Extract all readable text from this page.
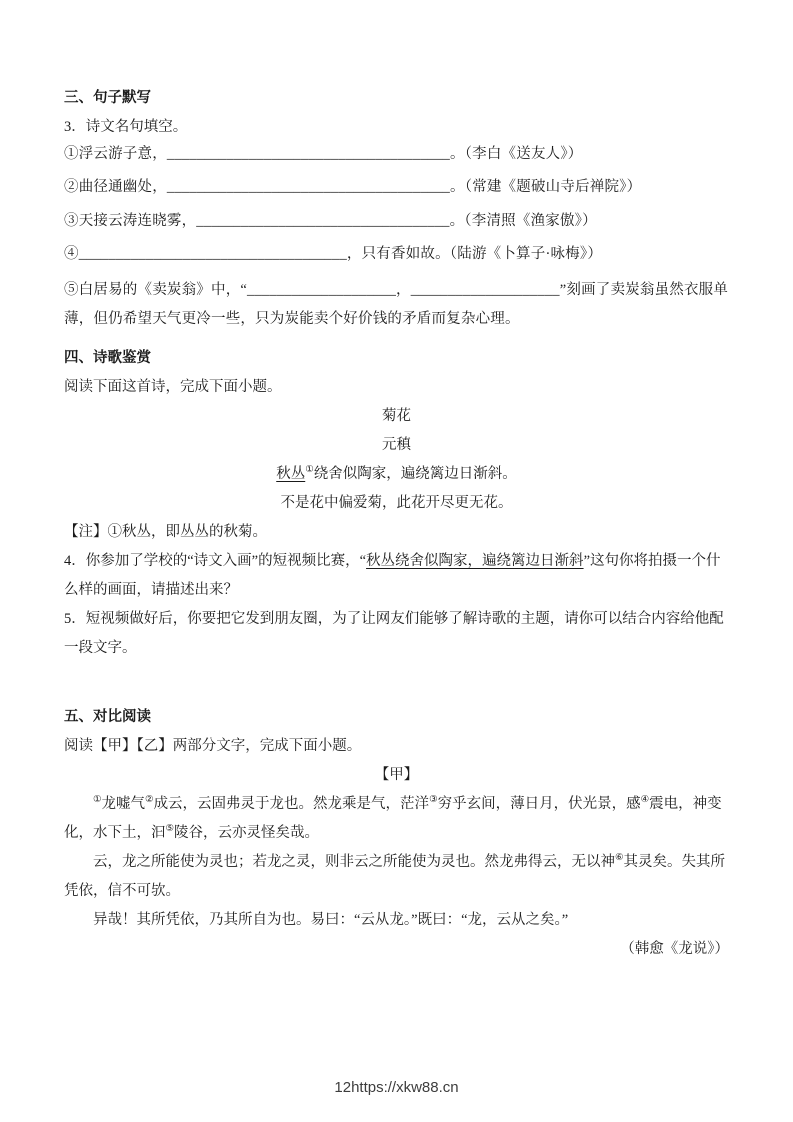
三、句子默写

3．诗文名句填空。

①浮云游子意，______________________________________。（李白《送友人》）

②曲径通幽处，______________________________________。（常建《题破山寺后禅院》）

③天接云涛连晓雾，__________________________________。（李清照《渔家傲》）

④____________________________________，只有香如故。（陆游《卜算子·咏梅》）

⑤白居易的《卖炭翁》中，“____________________，____________________”刻画了卖炭翁虽然衣服单薄，但仍希望天气更冷一些，只为炭能卖个好价钱的矛盾而复杂心理。

四、诗歌鉴赏

阅读下面这首诗，完成下面小题。

菊花

元稹

秋丛①绕舍似陶家，遍绕篱边日渐斜。

不是花中偏爱菊，此花开尽更无花。

【注】①秋丛，即丛丛的秋菊。

4．你参加了学校的“诗文入画”的短视频比赛，“秋丛绕舍似陶家，遍绕篱边日渐斜”这句你将拍摄一个什么样的画面，请描述出来？

5．短视频做好后，你要把它发到朋友圈，为了让网友们能够了解诗歌的主题，请你可以结合内容给他配一段文字。

五、对比阅读

阅读【甲】【乙】两部分文字，完成下面小题。

【甲】

①龙嘘气②成云，云固弗灵于龙也。然龙乘是气，茫洋③穷乎玄间，薄日月，伏光景，感④震电，神变化，水下土，汩⑤陵谷，云亦灵怪矣哉。

云，龙之所能使为灵也；若龙之灵，则非云之所能使为灵也。然龙弗得云，无以神⑥其灵矣。失其所凭依，信不可欤。

异哉！其所凭依，乃其所自为也。易曰：“云从龙。”既曰：“龙，云从之矣。”

（韩愈《龙说》）

12https://xkw88.cn
